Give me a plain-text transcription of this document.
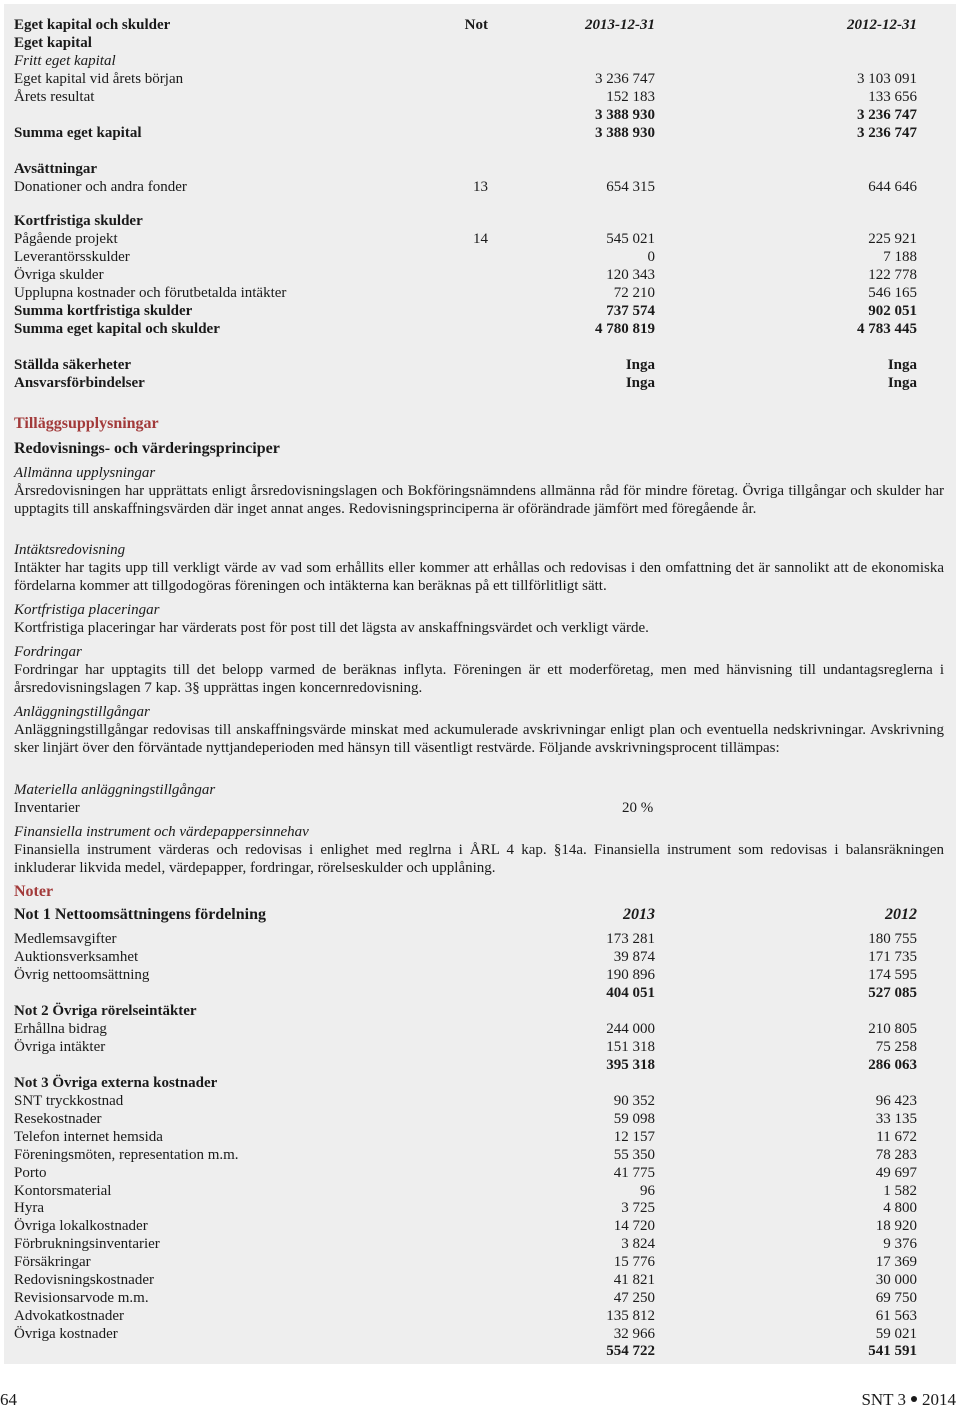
Eget kapital och skulder	Not	2013-12-31	2012-12-31
Eget kapital
Fritt eget kapital
Eget kapital vid årets början	3 236 747	3 103 091
Årets resultat	152 183	133 656
3 388 930	3 236 747
Summa eget kapital	3 388 930	3 236 747
Avsättningar
Donationer och andra fonder	13	654 315	644 646
Kortfristiga skulder
Pågående projekt	14	545 021	225 921
Leverantörsskulder	0	7 188
Övriga skulder	120 343	122 778
Upplupna kostnader och förutbetalda intäkter	72 210	546 165
Summa kortfristiga skulder	737 574	902 051
Summa eget kapital och skulder	4 780 819	4 783 445
Ställda säkerheter	Inga	Inga
Ansvarsförbindelser	Inga	Inga
Tilläggsupplysningar
Redovisnings- och värderingsprinciper
Allmänna upplysningar
Årsredovisningen har upprättats enligt årsredovisningslagen och Bokföringsnämndens allmänna råd för mindre företag. Övriga tillgångar och skulder har upptagits till anskaffningsvärden där inget annat anges. Redovisningsprinciperna är oförändrade jämfört med föregående år.
Intäktsredovisning
Intäkter har tagits upp till verkligt värde av vad som erhållits eller kommer att erhållas och redovisas i den omfattning det är sannolikt att de ekonomiska fördelarna kommer att tillgodogöras föreningen och intäkterna kan beräknas på ett tillförlitligt sätt.
Kortfristiga placeringar
Kortfristiga placeringar har värderats post för post till det lägsta av anskaffningsvärdet och verkligt värde.
Fordringar
Fordringar har upptagits till det belopp varmed de beräknas inflyta. Föreningen är ett moderföretag, men med hänvisning till undantagsreglerna i årsredovisningslagen 7 kap. 3§ upprättas ingen koncernredovisning.
Anläggningstillgångar
Anläggningstillgångar redovisas till anskaffningsvärde minskat med ackumulerade avskrivningar enligt plan och eventuella nedskrivningar. Avskrivning sker linjärt över den förväntade nyttjandeperioden med hänsyn till väsentligt restvärde. Följande avskrivningsprocent tillämpas:
Materiella anläggningstillgångar
Inventarier	20 %
Finansiella instrument och värdepappersinnehav
Finansiella instrument värderas och redovisas i enlighet med reglrna i ÅRL 4 kap. §14a. Finansiella instrument som redovisas i balansräkningen inkluderar likvida medel, värdepapper, fordringar, rörelseskulder och upplåning.
Noter
Not 1 Nettoomsättningens fördelning	2013	2012
Medlemsavgifter	173 281	180 755
Auktionsverksamhet	39 874	171 735
Övrig nettoomsättning	190 896	174 595
404 051	527 085
Not 2 Övriga rörelseintäkter
Erhållna bidrag	244 000	210 805
Övriga intäkter	151 318	75 258
395 318	286 063
Not 3 Övriga externa kostnader
SNT tryckkostnad	90 352	96 423
Resekostnader	59 098	33 135
Telefon internet hemsida	12 157	11 672
Föreningsmöten, representation m.m.	55 350	78 283
Porto	41 775	49 697
Kontorsmaterial	96	1 582
Hyra	3 725	4 800
Övriga lokalkostnader	14 720	18 920
Förbrukningsinventarier	3 824	9 376
Försäkringar	15 776	17 369
Redovisningskostnader	41 821	30 000
Revisionsarvode m.m.	47 250	69 750
Advokatkostnader	135 812	61 563
Övriga kostnader	32 966	59 021
554 722	541 591
64	SNT 3 2014
